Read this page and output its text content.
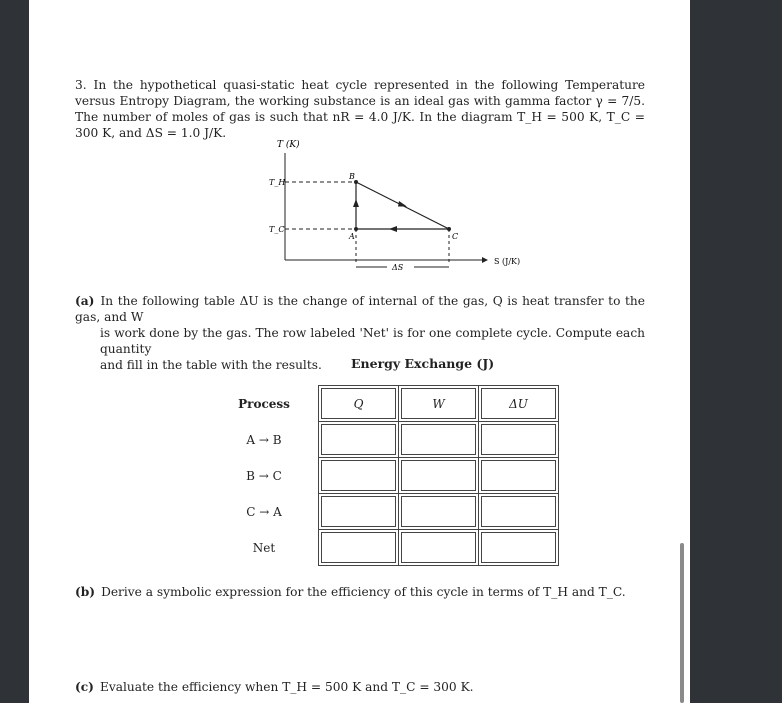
3. In the hypothetical quasi-static heat cycle represented in the following Temperature versus Entropy Diagram, the working substance is an ideal gas with gamma factor γ = 7/5. The number of moles of gas is such that nR = 4.0 J/K. In the diagram T_H = 500 K, T_C = 300 K, and ΔS = 1.0 J/K.
T (K)
S (J/K)
T_H
T_C
A
B
C
ΔS
(a) In the following table ΔU is the change of internal of the gas, Q is heat transfer to the gas, and W
is work done by the gas. The row labeled 'Net' is for one complete cycle. Compute each quantity
and fill in the table with the results.	Energy Exchange (J)
Process	Q	W	ΔU
A → B			
B → C			
C → A			
Net			
(b) Derive a symbolic expression for the efficiency of this cycle in terms of T_H and T_C.
(c) Evaluate the efficiency when T_H = 500 K and T_C = 300 K.
